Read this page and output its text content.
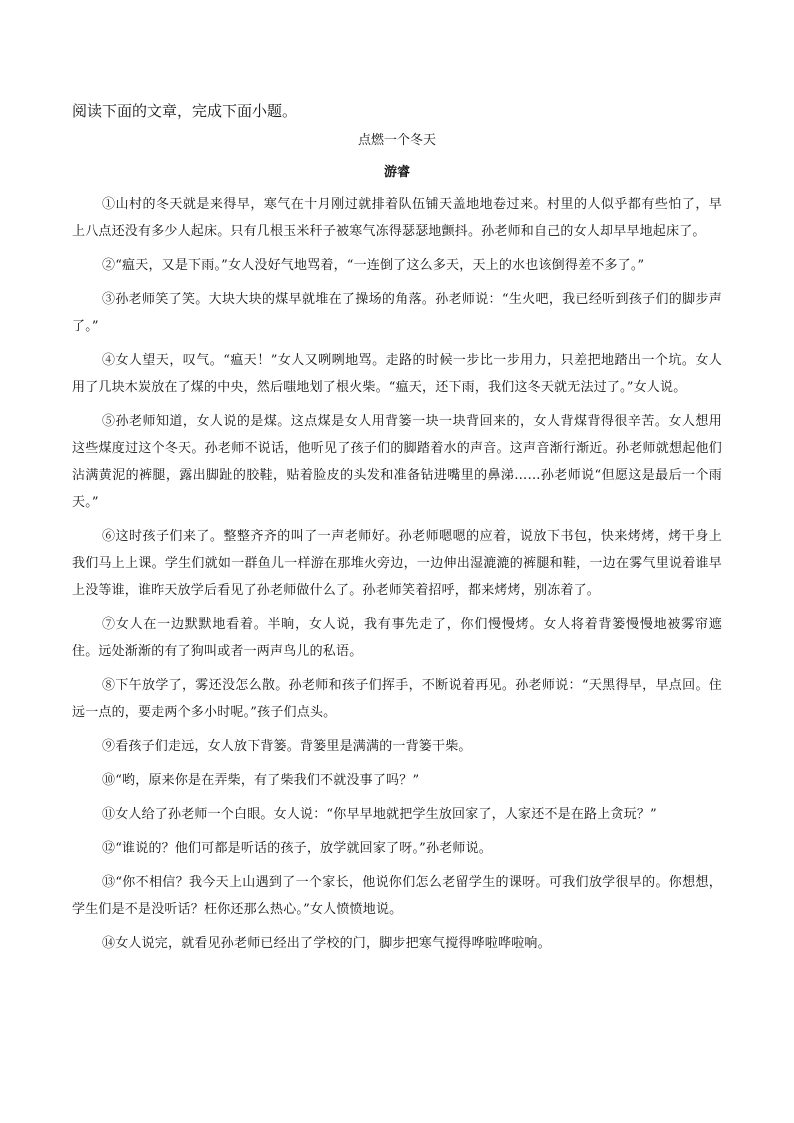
阅读下面的文章，完成下面小题。
点燃一个冬天
游睿

①山村的冬天就是来得早，寒气在十月刚过就排着队伍铺天盖地地卷过来。村里的人似乎都有些怕了，早上八点还没有多少人起床。只有几根玉米秆子被寒气冻得瑟瑟地颤抖。孙老师和自己的女人却早早地起床了。

②“瘟天，又是下雨。”女人没好气地骂着，“一连倒了这么多天，天上的水也该倒得差不多了。”

③孙老师笑了笑。大块大块的煤早就堆在了操场的角落。孙老师说：“生火吧，我已经听到孩子们的脚步声了。”

④女人望天，叹气。“瘟天！”女人又咧咧地骂。走路的时候一步比一步用力，只差把地踏出一个坑。女人用了几块木炭放在了煤的中央，然后嗤地划了根火柴。“瘟天，还下雨，我们这冬天就无法过了。”女人说。

⑤孙老师知道，女人说的是煤。这点煤是女人用背篓一块一块背回来的，女人背煤背得很辛苦。女人想用这些煤度过这个冬天。孙老师不说话，他听见了孩子们的脚踏着水的声音。这声音渐行渐近。孙老师就想起他们沾满黄泥的裤腿，露出脚趾的胶鞋，贴着脸皮的头发和准备钻进嘴里的鼻涕……孙老师说“但愿这是最后一个雨天。”

⑥这时孩子们来了。整整齐齐的叫了一声老师好。孙老师嗯嗯的应着，说放下书包，快来烤烤，烤干身上我们马上上课。学生们就如一群鱼儿一样游在那堆火旁边，一边伸出湿漉漉的裤腿和鞋，一边在雾气里说着谁早上没等谁，谁昨天放学后看见了孙老师做什么了。孙老师笑着招呼，都来烤烤，别冻着了。

⑦女人在一边默默地看着。半晌，女人说，我有事先走了，你们慢慢烤。女人将着背篓慢慢地被雾帘遮住。远处渐渐的有了狗叫或者一两声鸟儿的私语。

⑧下午放学了，雾还没怎么散。孙老师和孩子们挥手，不断说着再见。孙老师说：“天黑得早，早点回。住远一点的，要走两个多小时呢。”孩子们点头。

⑨看孩子们走远，女人放下背篓。背篓里是满满的一背篓干柴。

⑩“哟，原来你是在弄柴，有了柴我们不就没事了吗？”

⑪女人给了孙老师一个白眼。女人说：“你早早地就把学生放回家了，人家还不是在路上贪玩？”

⑫“谁说的？他们可都是听话的孩子，放学就回家了呀。”孙老师说。

⑬“你不相信？我今天上山遇到了一个家长，他说你们怎么老留学生的课呀。可我们放学很早的。你想想，学生们是不是没听话？枉你还那么热心。”女人愤愤地说。

⑭女人说完，就看见孙老师已经出了学校的门，脚步把寒气搅得哗啦哗啦响。
